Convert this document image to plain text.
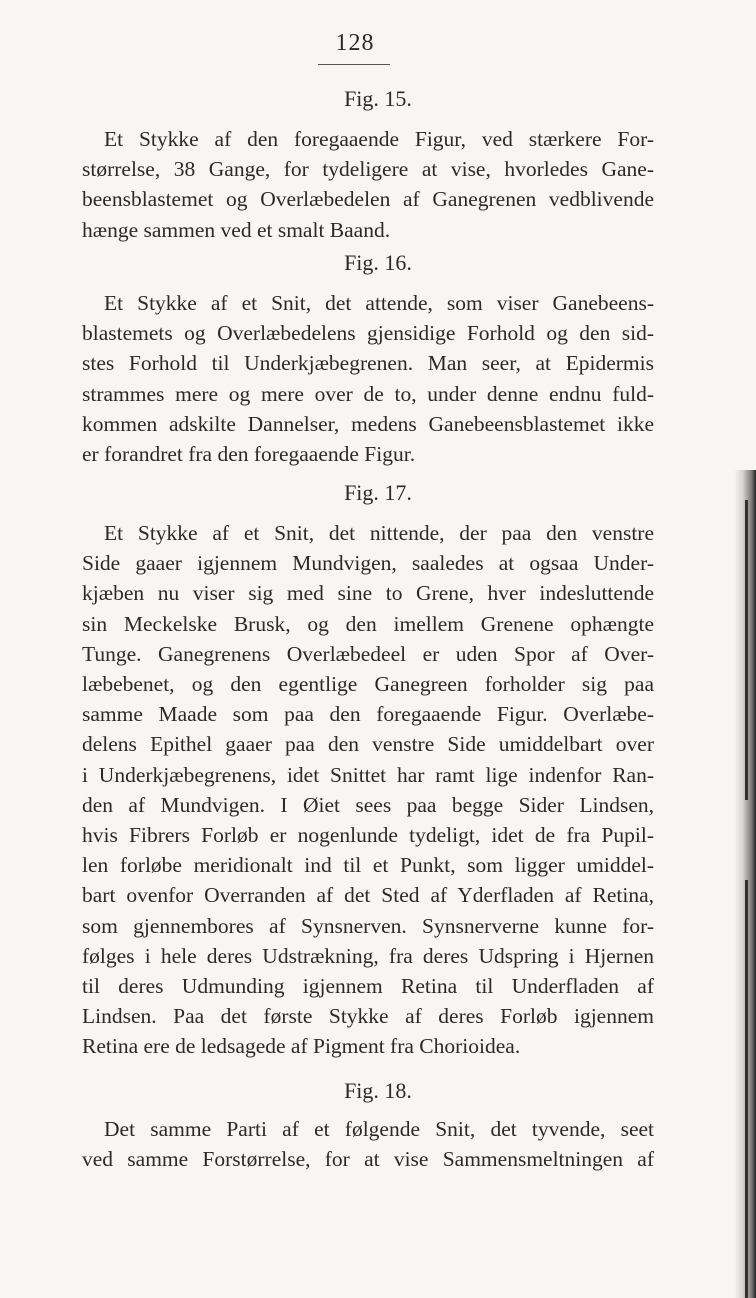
128
Fig. 15.
Et Stykke af den foregaaende Figur, ved stærkere For-
størrelse, 38 Gange, for tydeligere at vise, hvorledes Gane-
beensblastemet og Overlæbedelen af Ganegrenen vedblivende
hænge sammen ved et smalt Baand.
Fig. 16.
Et Stykke af et Snit, det attende, som viser Ganebeens-
blastemets og Overlæbedelens gjensidige Forhold og den sid-
stes Forhold til Underkjæbegrenen. Man seer, at Epidermis
strammes mere og mere over de to, under denne endnu fuld-
kommen adskilte Dannelser, medens Ganebeensblastemet ikke
er forandret fra den foregaaende Figur.
Fig. 17.
Et Stykke af et Snit, det nittende, der paa den venstre
Side gaaer igjennem Mundvigen, saaledes at ogsaa Under-
kjæben nu viser sig med sine to Grene, hver indesluttende
sin Meckelske Brusk, og den imellem Grenene ophængte
Tunge. Ganegrenens Overlæbedeel er uden Spor af Over-
læbebenet, og den egentlige Ganegreen forholder sig paa
samme Maade som paa den foregaaende Figur. Overlæbe-
delens Epithel gaaer paa den venstre Side umiddelbart over
i Underkjæbegrenens, idet Snittet har ramt lige indenfor Ran-
den af Mundvigen. I Øiet sees paa begge Sider Lindsen,
hvis Fibrers Forløb er nogenlunde tydeligt, idet de fra Pupil-
len forløbe meridionalt ind til et Punkt, som ligger umiddel-
bart ovenfor Overranden af det Sted af Yderfladen af Retina,
som gjennembores af Synsnerven. Synsnerverne kunne for-
følges i hele deres Udstrækning, fra deres Udspring i Hjernen
til deres Udmunding igjennem Retina til Underfladen af
Lindsen. Paa det første Stykke af deres Forløb igjennem
Retina ere de ledsagede af Pigment fra Chorioidea.
Fig. 18.
Det samme Parti af et følgende Snit, det tyvende, seet
ved samme Forstørrelse, for at vise Sammensmeltningen af
